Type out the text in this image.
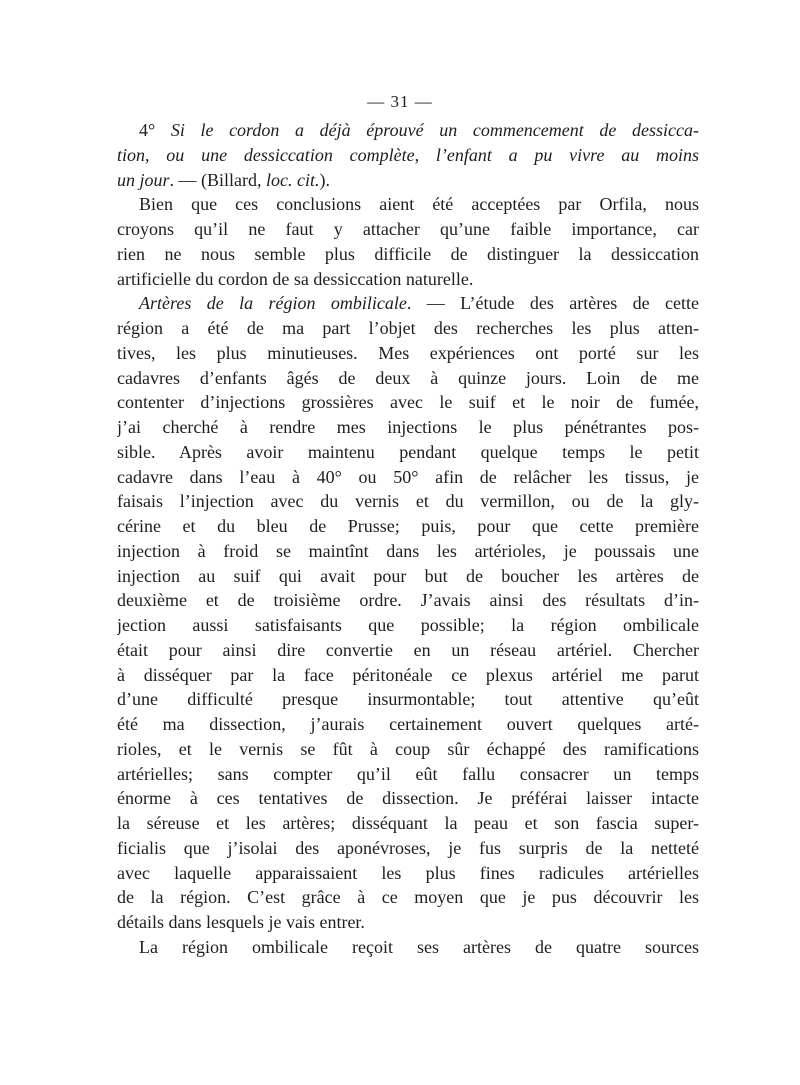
— 31 —
4° Si le cordon a déjà éprouvé un commencement de dessicca-
tion, ou une dessiccation complète, l’enfant a pu vivre au moins
un jour. — (Billard, loc. cit.).
Bien que ces conclusions aient été acceptées par Orfila, nous
croyons qu’il ne faut y attacher qu’une faible importance, car
rien ne nous semble plus difficile de distinguer la dessiccation
artificielle du cordon de sa dessiccation naturelle.
Artères de la région ombilicale. — L’étude des artères de cette
région a été de ma part l’objet des recherches les plus atten-
tives, les plus minutieuses. Mes expériences ont porté sur les
cadavres d’enfants âgés de deux à quinze jours. Loin de me
contenter d’injections grossières avec le suif et le noir de fumée,
j’ai cherché à rendre mes injections le plus pénétrantes pos-
sible. Après avoir maintenu pendant quelque temps le petit
cadavre dans l’eau à 40° ou 50° afin de relâcher les tissus, je
faisais l’injection avec du vernis et du vermillon, ou de la gly-
cérine et du bleu de Prusse; puis, pour que cette première
injection à froid se maintînt dans les artérioles, je poussais une
injection au suif qui avait pour but de boucher les artères de
deuxième et de troisième ordre. J’avais ainsi des résultats d’in-
jection aussi satisfaisants que possible; la région ombilicale
était pour ainsi dire convertie en un réseau artériel. Chercher
à disséquer par la face péritonéale ce plexus artériel me parut
d’une difficulté presque insurmontable; tout attentive qu’eût
été ma dissection, j’aurais certainement ouvert quelques arté-
rioles, et le vernis se fût à coup sûr échappé des ramifications
artérielles; sans compter qu’il eût fallu consacrer un temps
énorme à ces tentatives de dissection. Je préférai laisser intacte
la séreuse et les artères; disséquant la peau et son fascia super-
ficialis que j’isolai des aponévroses, je fus surpris de la netteté
avec laquelle apparaissaient les plus fines radicules artérielles
de la région. C’est grâce à ce moyen que je pus découvrir les
détails dans lesquels je vais entrer.
La région ombilicale reçoit ses artères de quatre sources
